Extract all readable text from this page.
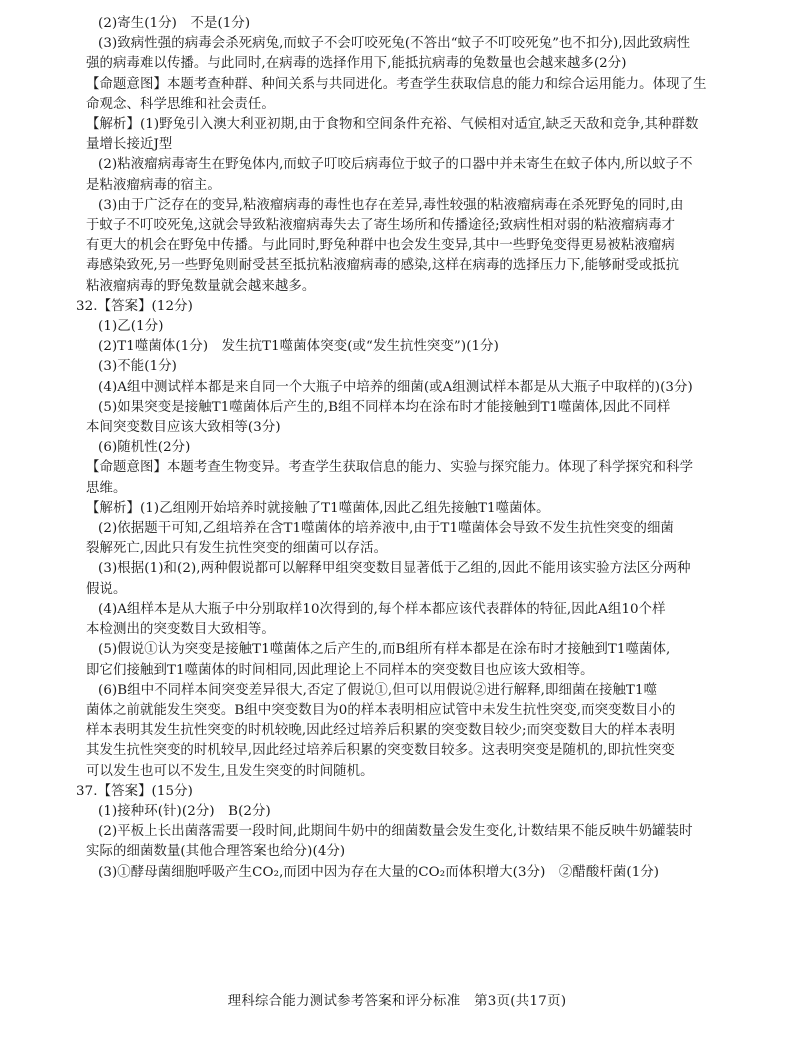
(2)寄生(1分)　不是(1分)
(3)致病性强的病毒会杀死病兔,而蚊子不会叮咬死兔(不答出“蚊子不叮咬死兔”也不扣分),因此致病性
强的病毒难以传播。与此同时,在病毒的选择作用下,能抵抗病毒的兔数量也会越来越多(2分)
【命题意图】本题考查种群、种间关系与共同进化。考查学生获取信息的能力和综合运用能力。体现了生
命观念、科学思维和社会责任。
【解析】(1)野兔引入澳大利亚初期,由于食物和空间条件充裕、气候相对适宜,缺乏天敌和竞争,其种群数
量增长接近J型
(2)粘液瘤病毒寄生在野兔体内,而蚊子叮咬后病毒位于蚊子的口器中并未寄生在蚊子体内,所以蚊子不
是粘液瘤病毒的宿主。
(3)由于广泛存在的变异,粘液瘤病毒的毒性也存在差异,毒性较强的粘液瘤病毒在杀死野兔的同时,由
于蚊子不叮咬死兔,这就会导致粘液瘤病毒失去了寄生场所和传播途径;致病性相对弱的粘液瘤病毒才
有更大的机会在野兔中传播。与此同时,野兔种群中也会发生变异,其中一些野兔变得更易被粘液瘤病
毒感染致死,另一些野兔则耐受甚至抵抗粘液瘤病毒的感染,这样在病毒的选择压力下,能够耐受或抵抗
粘液瘤病毒的野兔数量就会越来越多。
32.【答案】(12分)
(1)乙(1分)
(2)T1噬菌体(1分)　发生抗T1噬菌体突变(或“发生抗性突变”)(1分)
(3)不能(1分)
(4)A组中测试样本都是来自同一个大瓶子中培养的细菌(或A组测试样本都是从大瓶子中取样的)(3分)
(5)如果突变是接触T1噬菌体后产生的,B组不同样本均在涂布时才能接触到T1噬菌体,因此不同样
本间突变数目应该大致相等(3分)
(6)随机性(2分)
【命题意图】本题考查生物变异。考查学生获取信息的能力、实验与探究能力。体现了科学探究和科学
思维。
【解析】(1)乙组刚开始培养时就接触了T1噬菌体,因此乙组先接触T1噬菌体。
(2)依据题干可知,乙组培养在含T1噬菌体的培养液中,由于T1噬菌体会导致不发生抗性突变的细菌
裂解死亡,因此只有发生抗性突变的细菌可以存活。
(3)根据(1)和(2),两种假说都可以解释甲组突变数目显著低于乙组的,因此不能用该实验方法区分两种
假说。
(4)A组样本是从大瓶子中分别取样10次得到的,每个样本都应该代表群体的特征,因此A组10个样
本检测出的突变数目大致相等。
(5)假说①认为突变是接触T1噬菌体之后产生的,而B组所有样本都是在涂布时才接触到T1噬菌体,
即它们接触到T1噬菌体的时间相同,因此理论上不同样本的突变数目也应该大致相等。
(6)B组中不同样本间突变差异很大,否定了假说①,但可以用假说②进行解释,即细菌在接触T1噬
菌体之前就能发生突变。B组中突变数目为0的样本表明相应试管中未发生抗性突变,而突变数目小的
样本表明其发生抗性突变的时机较晚,因此经过培养后积累的突变数目较少;而突变数目大的样本表明
其发生抗性突变的时机较早,因此经过培养后积累的突变数目较多。这表明突变是随机的,即抗性突变
可以发生也可以不发生,且发生突变的时间随机。
37.【答案】(15分)
(1)接种环(针)(2分)　B(2分)
(2)平板上长出菌落需要一段时间,此期间牛奶中的细菌数量会发生变化,计数结果不能反映牛奶罐装时
实际的细菌数量(其他合理答案也给分)(4分)
(3)①酵母菌细胞呼吸产生CO₂,而团中因为存在大量的CO₂而体积增大(3分)　②醋酸杆菌(1分)
理科综合能力测试参考答案和评分标准　第3页(共17页)
